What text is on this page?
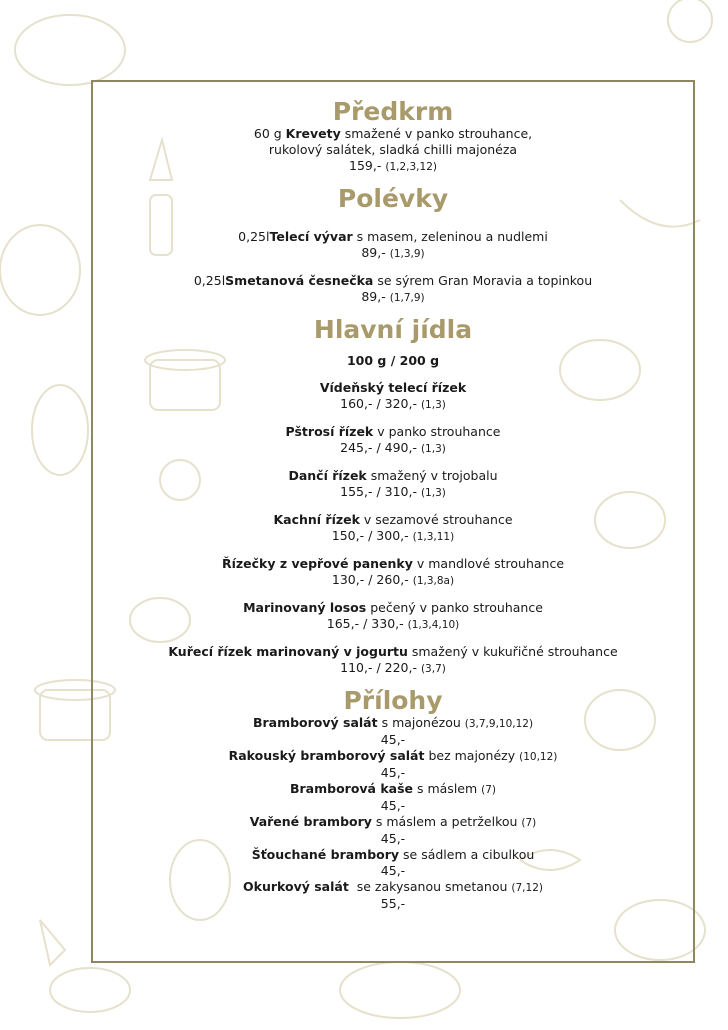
Předkrm

60 g Krevety smažené v panko strouhance,

rukolový salátek, sladká chilli majonéza

159,- (1,2,3,12)

Polévky

0,25lTelecí vývar s masem, zeleninou a nudlemi

89,- (1,3,9)

0,25lSmetanová česnečka se sýrem Gran Moravia a topinkou

89,- (1,7,9)

Hlavní jídla

100 g / 200 g

Vídeňský telecí řízek

160,- / 320,- (1,3)

Pštrosí řízek v panko strouhance

245,- / 490,- (1,3)

Dančí řízek smažený v trojobalu

155,- / 310,- (1,3)

Kachní řízek v sezamové strouhance

150,- / 300,- (1,3,11)

Řízečky z vepřové panenky v mandlové strouhance

130,- / 260,- (1,3,8a)

Marinovaný losos pečený v panko strouhance

165,- / 330,- (1,3,4,10)

Kuřecí řízek marinovaný v jogurtu smažený v kukuřičné strouhance

110,- / 220,- (3,7)

Přílohy

Bramborový salát s majonézou (3,7,9,10,12)

45,-

Rakouský bramborový salát bez majonézy (10,12)

45,-

Bramborová kaše s máslem (7)

45,-

Vařené brambory s máslem a petrželkou (7)

45,-

Šťouchané brambory se sádlem a cibulkou

45,-

Okurkový salát  se zakysanou smetanou (7,12)

55,-
